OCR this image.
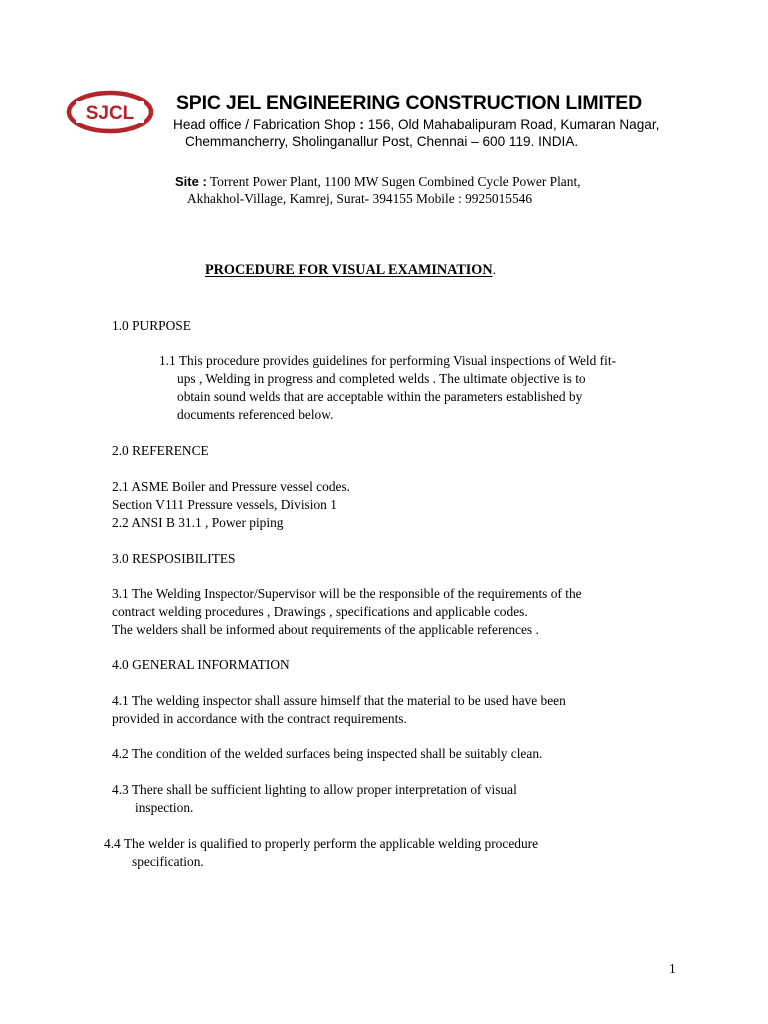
SJCL SPIC JEL ENGINEERING CONSTRUCTION LIMITED
Head office / Fabrication Shop : 156, Old Mahabalipuram Road, Kumaran Nagar,
Chemmancherry, Sholinganallur Post, Chennai – 600 119. INDIA.
Site : Torrent Power Plant, 1100 MW Sugen Combined Cycle Power Plant,
Akhakhol-Village, Kamrej, Surat- 394155 Mobile : 9925015546
PROCEDURE FOR VISUAL EXAMINATION.
1.0 PURPOSE
1.1 This procedure provides guidelines for performing Visual inspections of Weld fit-
ups , Welding in progress and completed welds . The ultimate objective is to
obtain sound welds that are acceptable within the parameters established by
documents referenced below.
2.0 REFERENCE
2.1 ASME Boiler and Pressure vessel codes.
Section V111 Pressure vessels, Division 1
2.2 ANSI B 31.1 , Power piping
3.0 RESPOSIBILITES
3.1 The Welding Inspector/Supervisor will be the responsible of the requirements of the
contract welding procedures , Drawings , specifications and applicable codes.
The welders shall be informed about requirements of the applicable references .
4.0 GENERAL INFORMATION
4.1 The welding inspector shall assure himself that the material to be used have been
provided in accordance with the contract requirements.
4.2 The condition of the welded surfaces being inspected shall be suitably clean.
4.3 There shall be sufficient lighting to allow proper interpretation of visual
inspection.
4.4 The welder is qualified to properly perform the applicable welding procedure
specification.
1
